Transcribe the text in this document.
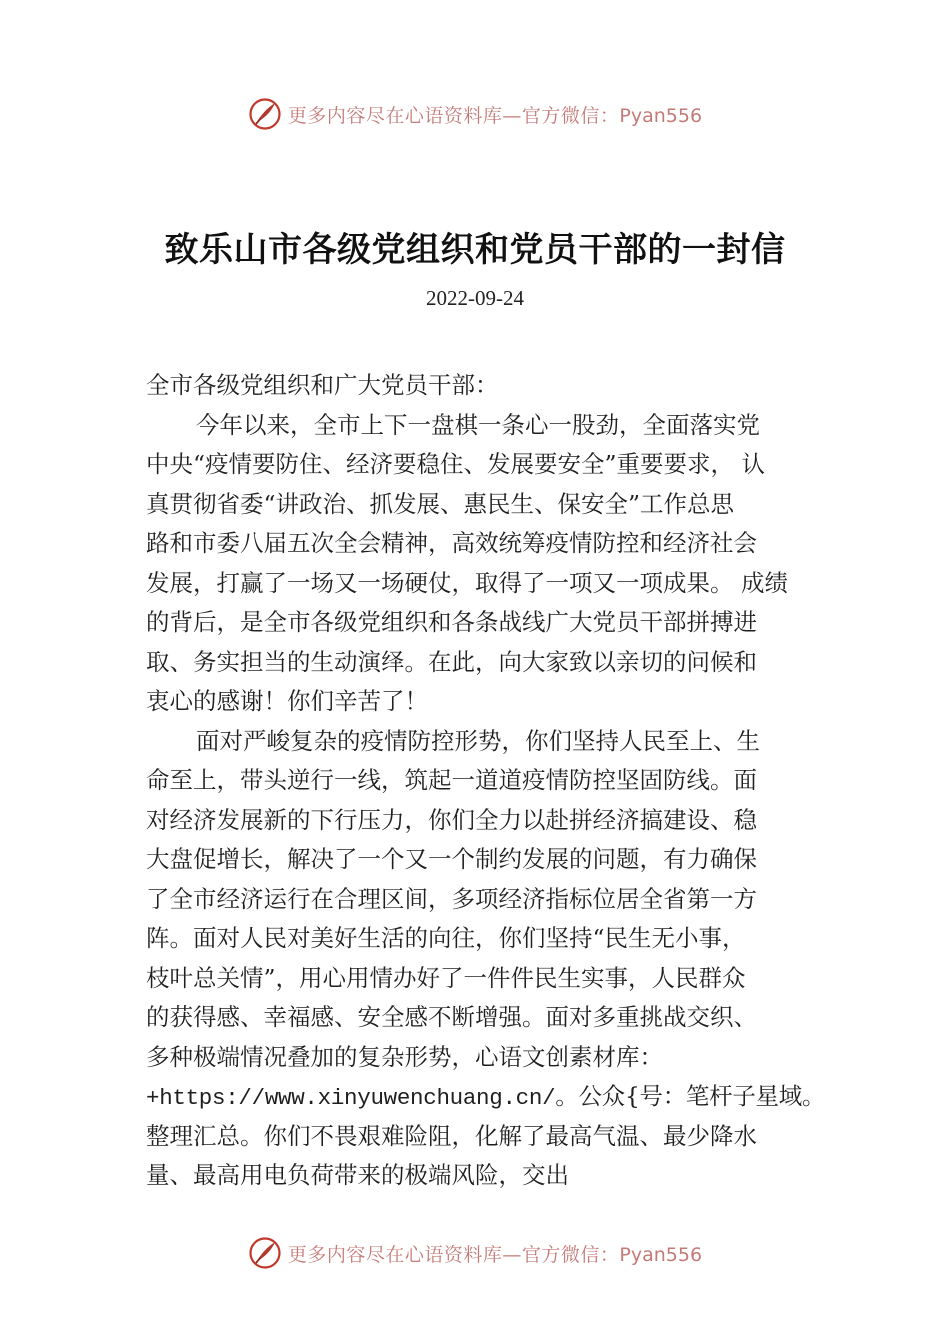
更多内容尽在心语资料库—官方微信：Pyan556
致乐山市各级党组织和党员干部的一封信
2022-09-24
全市各级党组织和广大党员干部：
今年以来，全市上下一盘棋一条心一股劲，全面落实党
中央“疫情要防住、经济要稳住、发展要安全”重要要求， 认
真贯彻省委“讲政治、抓发展、惠民生、保安全”工作总思
路和市委八届五次全会精神，高效统筹疫情防控和经济社会
发展，打赢了一场又一场硬仗，取得了一项又一项成果。 成绩
的背后，是全市各级党组织和各条战线广大党员干部拼搏进
取、务实担当的生动演绎。在此，向大家致以亲切的问候和
衷心的感谢！你们辛苦了！
面对严峻复杂的疫情防控形势，你们坚持人民至上、生
命至上，带头逆行一线，筑起一道道疫情防控坚固防线。面
对经济发展新的下行压力，你们全力以赴拼经济搞建设、稳
大盘促增长，解决了一个又一个制约发展的问题，有力确保
了全市经济运行在合理区间，多项经济指标位居全省第一方
阵。面对人民对美好生活的向往，你们坚持“民生无小事，
枝叶总关情”，用心用情办好了一件件民生实事，人民群众
的获得感、幸福感、安全感不断增强。面对多重挑战交织、
多种极端情况叠加的复杂形势，心语文创素材库：
+https://www.xinyuwenchuang.cn/。公众{号：笔杆子星域。
整理汇总。你们不畏艰难险阻，化解了最高气温、最少降水
量、最高用电负荷带来的极端风险，交出
更多内容尽在心语资料库—官方微信：Pyan556
